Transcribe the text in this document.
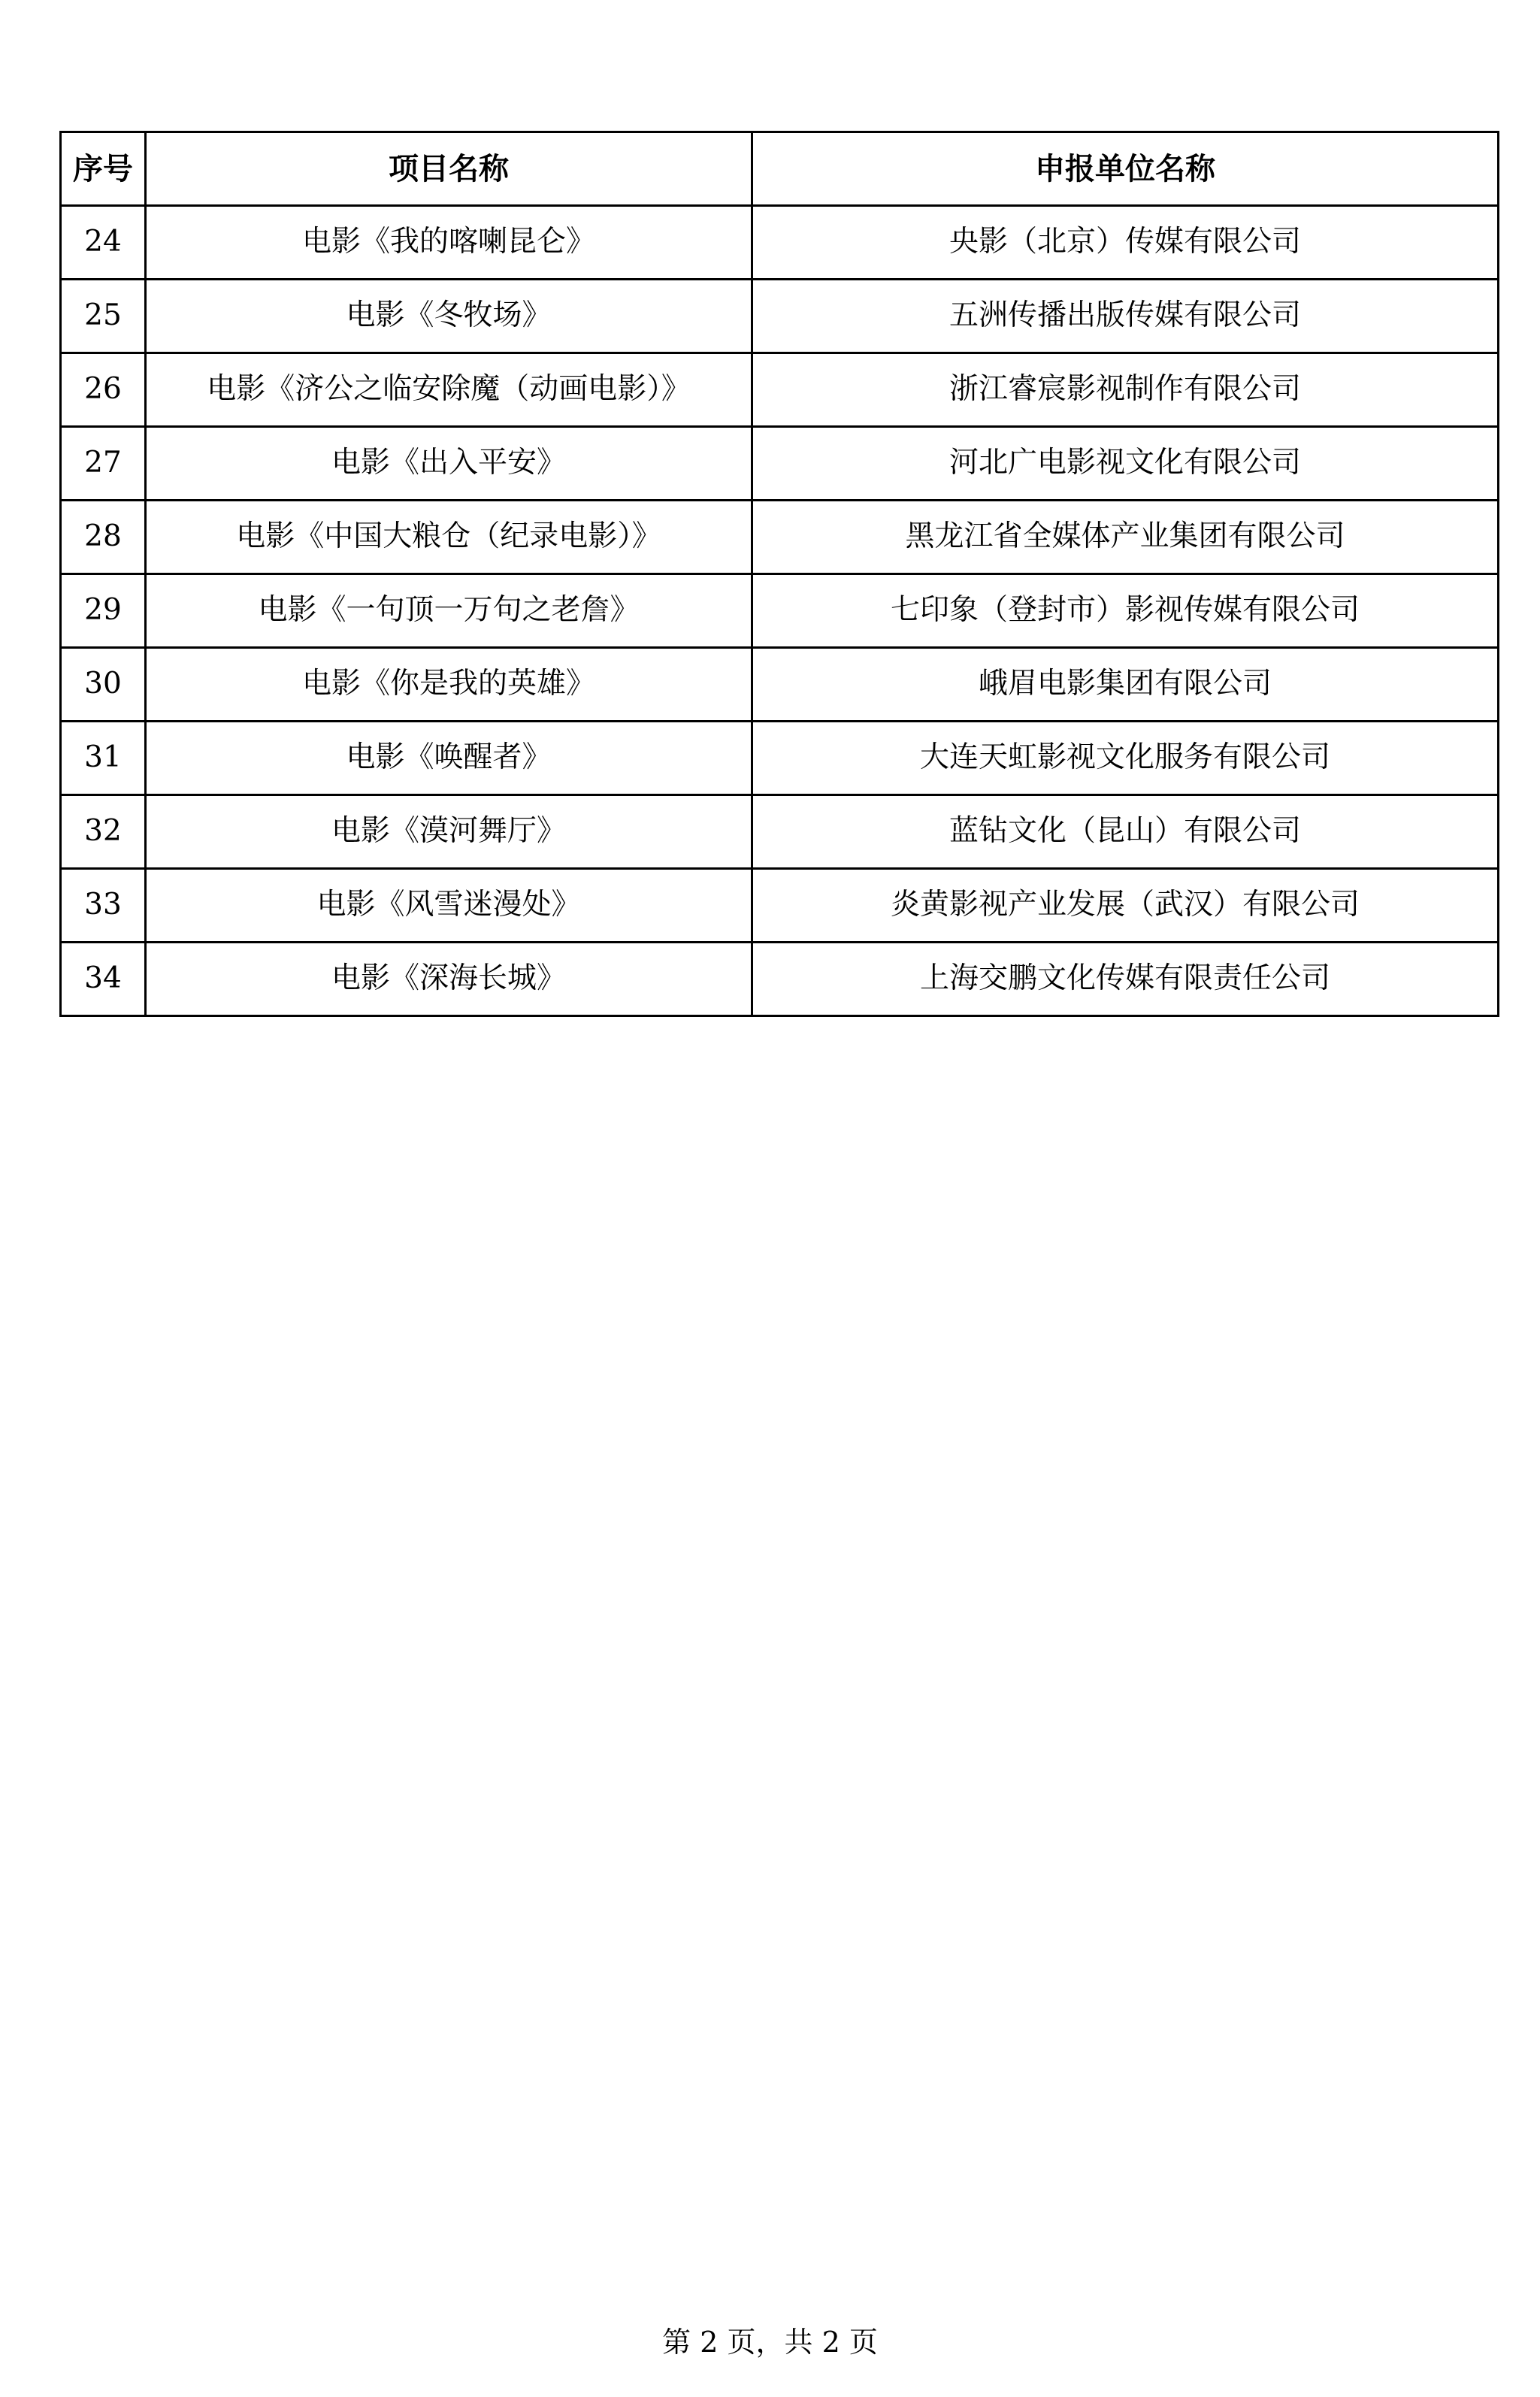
序号	项目名称	申报单位名称
24	电影《我的喀喇昆仑》	央影（北京）传媒有限公司
25	电影《冬牧场》	五洲传播出版传媒有限公司
26	电影《济公之临安除魔（动画电影）》	浙江睿宸影视制作有限公司
27	电影《出入平安》	河北广电影视文化有限公司
28	电影《中国大粮仓（纪录电影）》	黑龙江省全媒体产业集团有限公司
29	电影《一句顶一万句之老詹》	七印象（登封市）影视传媒有限公司
30	电影《你是我的英雄》	峨眉电影集团有限公司
31	电影《唤醒者》	大连天虹影视文化服务有限公司
32	电影《漠河舞厅》	蓝钻文化（昆山）有限公司
33	电影《风雪迷漫处》	炎黄影视产业发展（武汉）有限公司
34	电影《深海长城》	上海交鹏文化传媒有限责任公司
第 2 页，共 2 页
